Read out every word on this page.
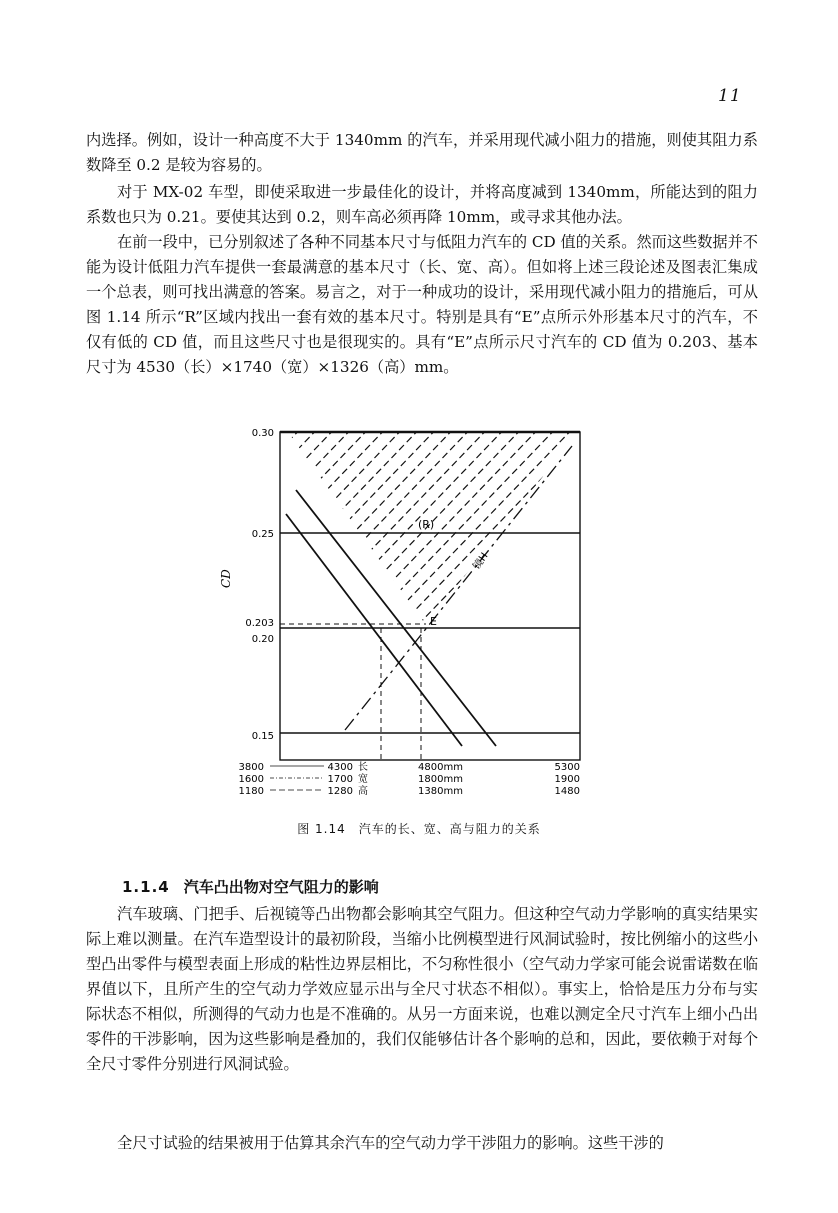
11

内选择。例如，设计一种高度不大于 1340mm 的汽车，并采用现代减小阻力的措施，则使其阻力系数降至 0.2 是较为容易的。

对于 MX-02 车型，即使采取进一步最佳化的设计，并将高度减到 1340mm，所能达到的阻力系数也只为 0.21。要使其达到 0.2，则车高必须再降 10mm，或寻求其他办法。

在前一段中，已分别叙述了各种不同基本尺寸与低阻力汽车的 CD 值的关系。然而这些数据并不能为设计低阻力汽车提供一套最满意的基本尺寸（长、宽、高）。但如将上述三段论述及图表汇集成一个总表，则可找出满意的答案。易言之，对于一种成功的设计，采用现代减小阻力的措施后，可从图 1.14 所示“R”区域内找出一套有效的基本尺寸。特别是具有“E”点所示外形基本尺寸的汽车，不仅有低的 CD 值，而且这些尺寸也是很现实的。具有“E”点所示尺寸汽车的 CD 值为 0.203、基本尺寸为 4530（长）×1740（宽）×1326（高）mm。

(R)
E
镜H
CD
0.30
0.25
0.203
0.20
0.15
3800	4300	4800mm	5300
长
1600	1700	1800mm	1900
宽
1180	1280	1380mm	1480
高
图 1.14　汽车的长、宽、高与阻力的关系
1.1.4 汽车凸出物对空气阻力的影响

汽车玻璃、门把手、后视镜等凸出物都会影响其空气阻力。但这种空气动力学影响的真实结果实际上难以测量。在汽车造型设计的最初阶段，当缩小比例模型进行风洞试验时，按比例缩小的这些小型凸出零件与模型表面上形成的粘性边界层相比，不匀称性很小（空气动力学家可能会说雷诺数在临界值以下，且所产生的空气动力学效应显示出与全尺寸状态不相似）。事实上，恰恰是压力分布与实际状态不相似，所测得的气动力也是不准确的。从另一方面来说，也难以测定全尺寸汽车上细小凸出零件的干涉影响，因为这些影响是叠加的，我们仅能够估计各个影响的总和，因此，要依赖于对每个全尺寸零件分别进行风洞试验。

全尺寸试验的结果被用于估算其余汽车的空气动力学干涉阻力的影响。这些干涉的
